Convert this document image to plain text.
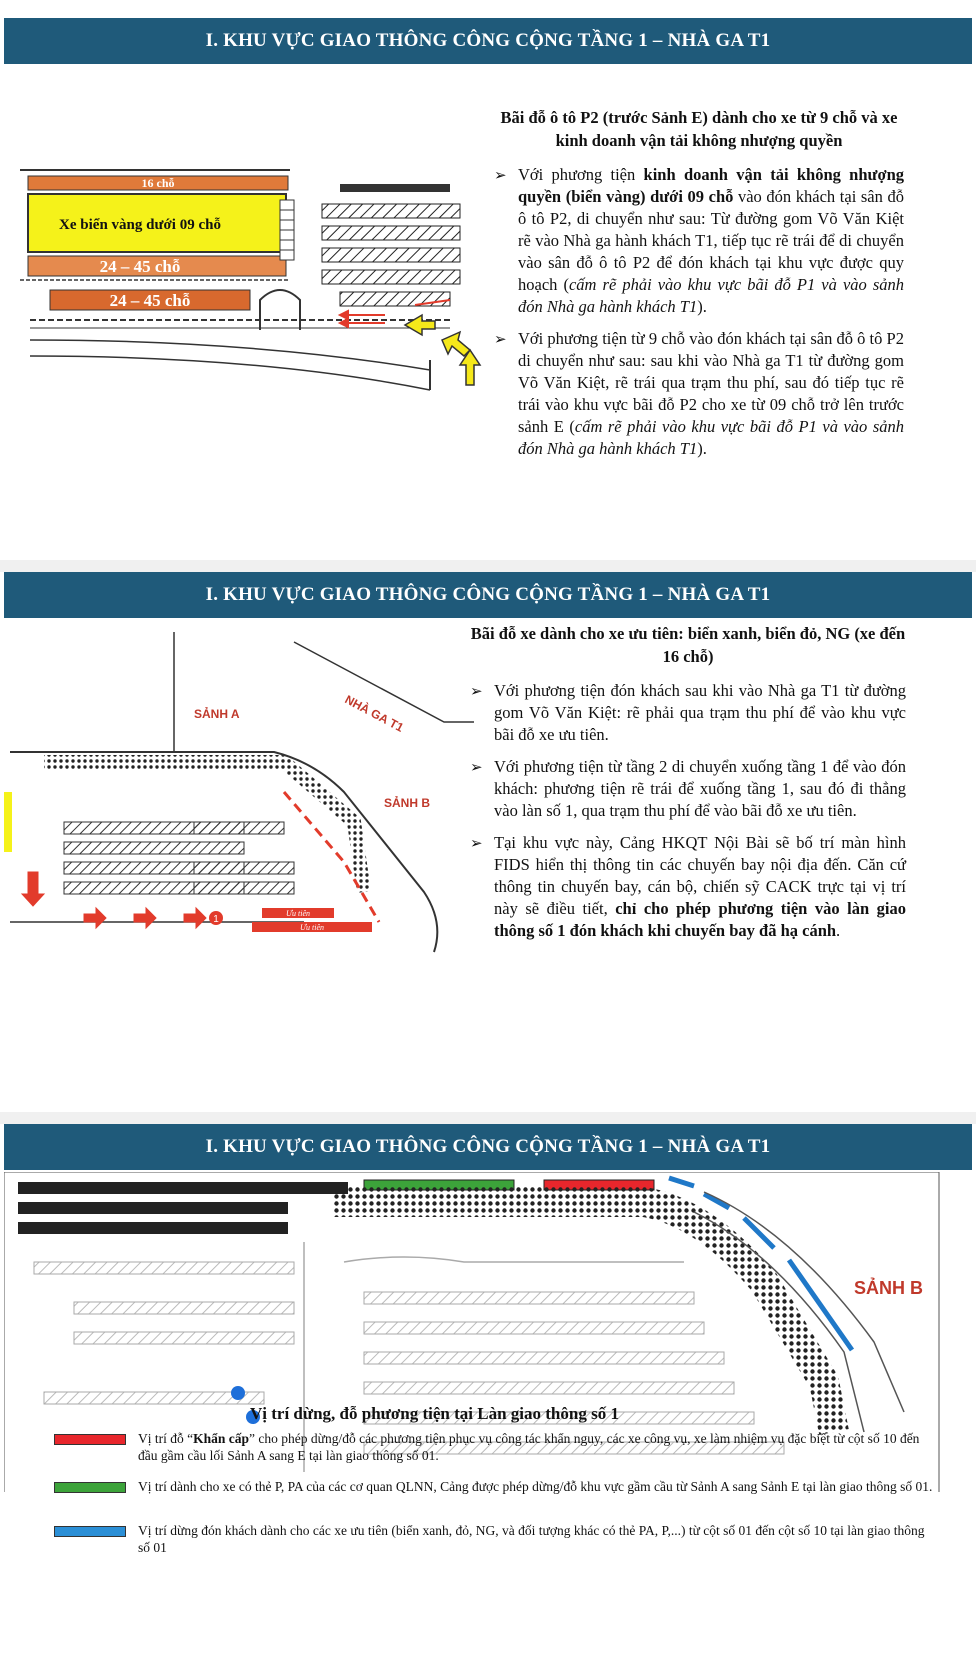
I. KHU VỰC GIAO THÔNG CÔNG CỘNG TẦNG 1 – NHÀ GA T1
16 chỗ
Xe biển vàng dưới 09 chỗ
24 – 45 chỗ
24 – 45 chỗ
Bãi đỗ ô tô P2 (trước Sảnh E) dành cho xe từ 9 chỗ và xe kinh doanh vận tải không nhượng quyền
➢ Với phương tiện kinh doanh vận tải không nhượng quyền (biển vàng) dưới 09 chỗ vào đón khách tại sân đỗ ô tô P2, di chuyển như sau: Từ đường gom Võ Văn Kiệt rẽ vào Nhà ga hành khách T1, tiếp tục rẽ trái để di chuyển vào sân đỗ ô tô P2 để đón khách tại khu vực được quy hoạch (cấm rẽ phải vào khu vực bãi đỗ P1 và vào sảnh đón Nhà ga hành khách T1).
➢ Với phương tiện từ 9 chỗ vào đón khách tại sân đỗ ô tô P2 di chuyển như sau: sau khi vào Nhà ga T1 từ đường gom Võ Văn Kiệt, rẽ trái qua trạm thu phí, sau đó tiếp tục rẽ trái vào khu vực bãi đỗ P2 cho xe từ 09 chỗ trở lên trước sảnh E (cấm rẽ phải vào khu vực bãi đỗ P1 và vào sảnh đón Nhà ga hành khách T1).
I. KHU VỰC GIAO THÔNG CÔNG CỘNG TẦNG 1 – NHÀ GA T1
NHÀ GA T1
SẢNH A
SẢNH B
1
Ưu tiên
Ưu tiên
Bãi đỗ xe dành cho xe ưu tiên: biển xanh, biển đỏ, NG (xe đến 16 chỗ)
➢ Với phương tiện đón khách sau khi vào Nhà ga T1 từ đường gom Võ Văn Kiệt: rẽ phải qua trạm thu phí để vào khu vực bãi đỗ xe ưu tiên.
➢ Với phương tiện từ tầng 2 di chuyển xuống tầng 1 để vào đón khách: phương tiện rẽ trái để xuống tầng 1, sau đó đi thẳng vào làn số 1, qua trạm thu phí để vào bãi đỗ xe ưu tiên.
➢ Tại khu vực này, Cảng HKQT Nội Bài sẽ bố trí màn hình FIDS hiển thị thông tin các chuyến bay nội địa đến. Căn cứ thông tin chuyến bay, cán bộ, chiến sỹ CACK trực tại vị trí này sẽ điều tiết, chỉ cho phép phương tiện vào làn giao thông số 1 đón khách khi chuyến bay đã hạ cánh.
I. KHU VỰC GIAO THÔNG CÔNG CỘNG TẦNG 1 – NHÀ GA T1
SẢNH B
Vị trí dừng, đỗ phương tiện tại Làn giao thông số 1
Vị trí đỗ “Khẩn cấp” cho phép dừng/đỗ các phương tiện phục vụ công tác khẩn nguy, các xe công vụ, xe làm nhiệm vụ đặc biệt từ cột số 10 đến đầu gầm cầu lối Sảnh A sang E tại làn giao thông số 01.
Vị trí dành cho xe có thẻ P, PA của các cơ quan QLNN, Cảng được phép dừng/đỗ khu vực gầm cầu từ Sảnh A sang Sảnh E tại làn giao thông số 01.
Vị trí dừng đón khách dành cho các xe ưu tiên (biển xanh, đỏ, NG, và đối tượng khác có thẻ PA, P,...) từ cột số 01 đến cột số 10 tại làn giao thông số 01
